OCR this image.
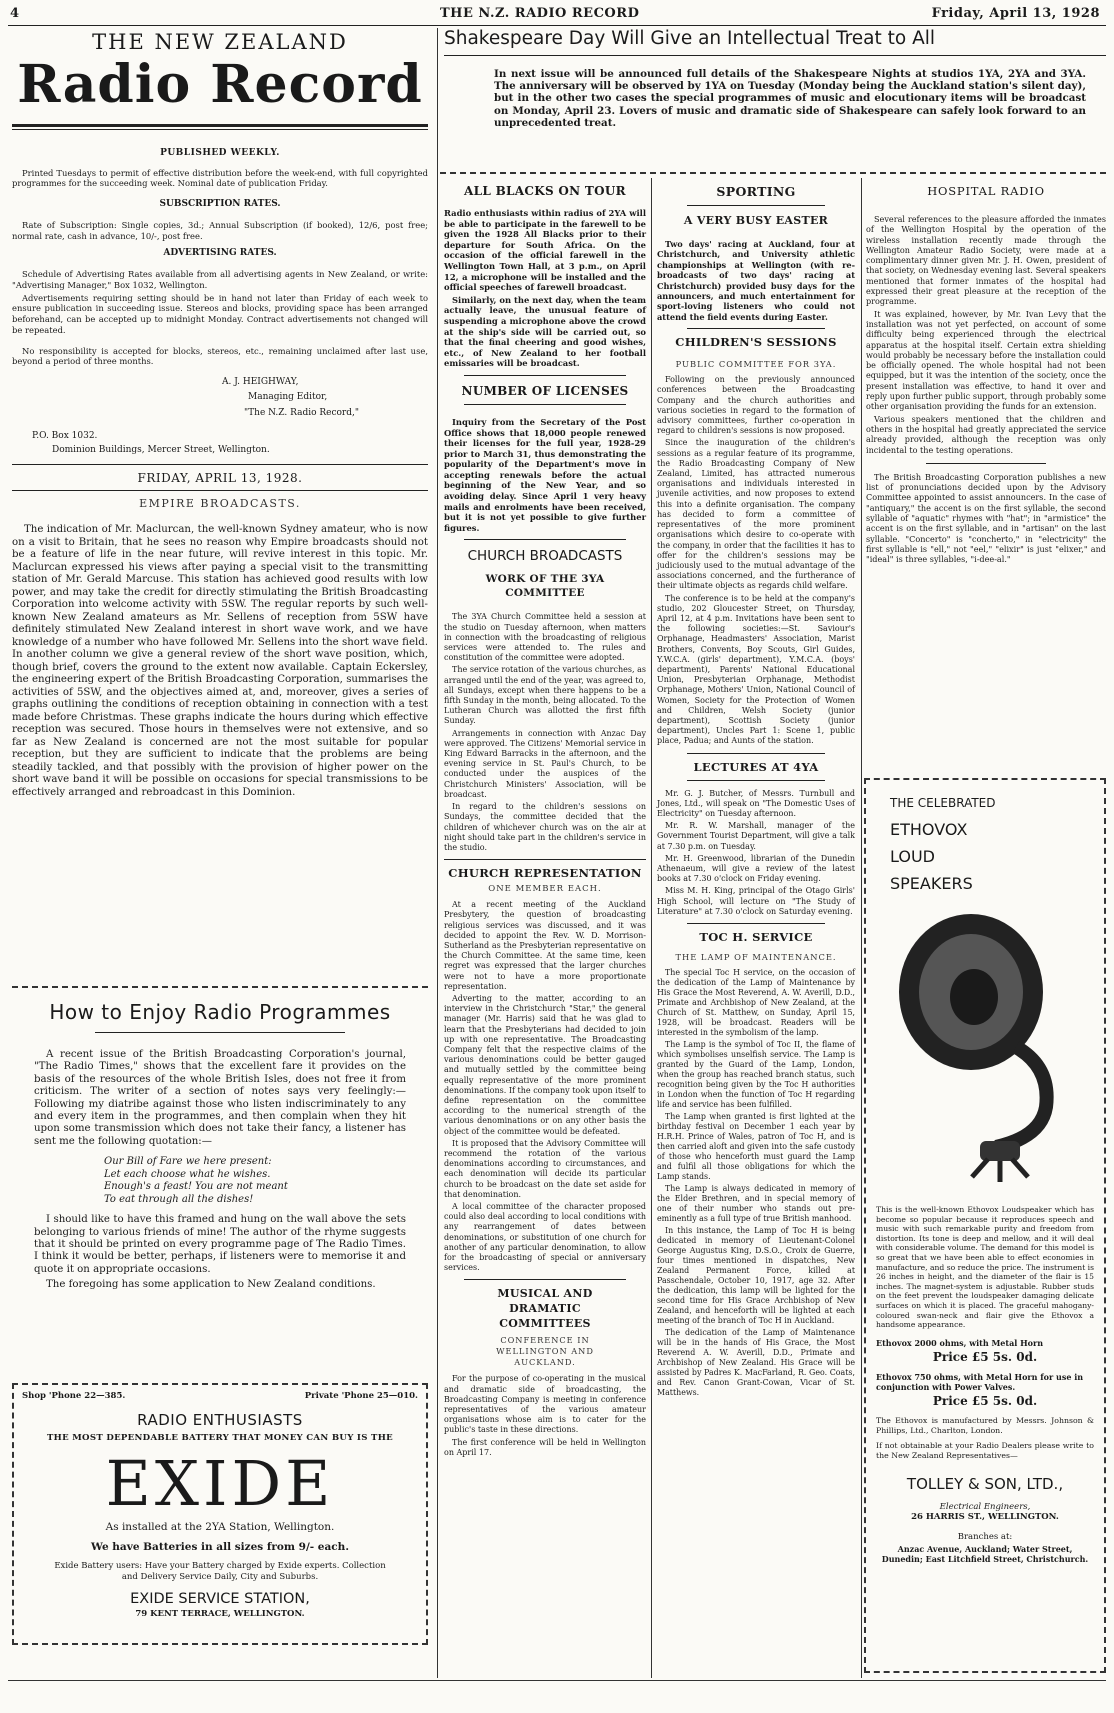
4	THE N.Z. RADIO RECORD	Friday, April 13, 1928
THE NEW ZEALAND
Radio Record
PUBLISHED WEEKLY.

Printed Tuesdays to permit of effective distribution before the week-end, with full copyrighted programmes for the succeeding week. Nominal date of publication Friday.

SUBSCRIPTION RATES.

Rate of Subscription: Single copies, 3d.; Annual Subscription (if booked), 12/6, post free; normal rate, cash in advance, 10/-, post free.

ADVERTISING RATES.

Schedule of Advertising Rates available from all advertising agents in New Zealand, or write: "Advertising Manager," Box 1032, Wellington.

Advertisements requiring setting should be in hand not later than Friday of each week to ensure publication in succeeding issue. Stereos and blocks, providing space has been arranged beforehand, can be accepted up to midnight Monday. Contract advertisements not changed will be repeated.

No responsibility is accepted for blocks, stereos, etc., remaining unclaimed after last use, beyond a period of three months.

A. J. HEIGHWAY,
Managing Editor,
"The N.Z. Radio Record,"
P.O. Box 1032.
Dominion Buildings, Mercer Street, Wellington.
FRIDAY, APRIL 13, 1928.
EMPIRE BROADCASTS.

The indication of Mr. Maclurcan, the well-known Sydney amateur, who is now on a visit to Britain, that he sees no reason why Empire broadcasts should not be a feature of life in the near future, will revive interest in this topic. Mr. Maclurcan expressed his views after paying a special visit to the transmitting station of Mr. Gerald Marcuse. This station has achieved good results with low power, and may take the credit for directly stimulating the British Broadcasting Corporation into welcome activity with 5SW. The regular reports by such well-known New Zealand amateurs as Mr. Sellens of reception from 5SW have definitely stimulated New Zealand interest in short wave work, and we have knowledge of a number who have followed Mr. Sellens into the short wave field. In another column we give a general review of the short wave position, which, though brief, covers the ground to the extent now available. Captain Eckersley, the engineering expert of the British Broadcasting Corporation, summarises the activities of 5SW, and the objectives aimed at, and, moreover, gives a series of graphs outlining the conditions of reception obtaining in connection with a test made before Christmas. These graphs indicate the hours during which effective reception was secured. Those hours in themselves were not extensive, and so far as New Zealand is concerned are not the most suitable for popular reception, but they are sufficient to indicate that the problems are being steadily tackled, and that possibly with the provision of higher power on the short wave band it will be possible on occasions for special transmissions to be effectively arranged and rebroadcast in this Dominion.

How to Enjoy Radio Programmes

A recent issue of the British Broadcasting Corporation's journal, "The Radio Times," shows that the excellent fare it provides on the basis of the resources of the whole British Isles, does not free it from criticism. The writer of a section of notes says very feelingly:—Following my diatribe against those who listen indiscriminately to any and every item in the programmes, and then complain when they hit upon some transmission which does not take their fancy, a listener has sent me the following quotation:—

Our Bill of Fare we here present:
Let each choose what he wishes.
Enough's a feast! You are not meant
To eat through all the dishes!

I should like to have this framed and hung on the wall above the sets belonging to various friends of mine! The author of the rhyme suggests that it should be printed on every programme page of The Radio Times. I think it would be better, perhaps, if listeners were to memorise it and quote it on appropriate occasions.

The foregoing has some application to New Zealand conditions.

Shop 'Phone 22—385.	Private 'Phone 25—010.
RADIO ENTHUSIASTS
THE MOST DEPENDABLE BATTERY THAT MONEY CAN BUY IS THE
EXIDE
As installed at the 2YA Station, Wellington.
We have Batteries in all sizes from 9/- each.
Exide Battery users: Have your Battery charged by Exide experts. Collection and Delivery Service Daily, City and Suburbs.
EXIDE SERVICE STATION,
79 KENT TERRACE, WELLINGTON.
Shakespeare Day Will Give an Intellectual Treat to All

In next issue will be announced full details of the Shakespeare Nights at studios 1YA, 2YA and 3YA. The anniversary will be observed by 1YA on Tuesday (Monday being the Auckland station's silent day), but in the other two cases the special programmes of music and elocutionary items will be broadcast on Monday, April 23. Lovers of music and dramatic side of Shakespeare can safely look forward to an unprecedented treat.

ALL BLACKS ON TOUR

Radio enthusiasts within radius of 2YA will be able to participate in the farewell to be given the 1928 All Blacks prior to their departure for South Africa. On the occasion of the official farewell in the Wellington Town Hall, at 3 p.m., on April 12, a microphone will be installed and the official speeches of farewell broadcast.

Similarly, on the next day, when the team actually leave, the unusual feature of suspending a microphone above the crowd at the ship's side will be carried out, so that the final cheering and good wishes, etc., of New Zealand to her football emissaries will be broadcast.

NUMBER OF LICENSES

Inquiry from the Secretary of the Post Office shows that 18,000 people renewed their licenses for the full year, 1928-29 prior to March 31, thus demonstrating the popularity of the Department's move in accepting renewals before the actual beginning of the New Year, and so avoiding delay. Since April 1 very heavy mails and enrolments have been received, but it is not yet possible to give further figures.

CHURCH BROADCASTS
WORK OF THE 3YA COMMITTEE

The 3YA Church Committee held a session at the studio on Tuesday afternoon, when matters in connection with the broadcasting of religious services were attended to. The rules and constitution of the committee were adopted.

The service rotation of the various churches, as arranged until the end of the year, was agreed to, all Sundays, except when there happens to be a fifth Sunday in the month, being allocated. To the Lutheran Church was allotted the first fifth Sunday.

Arrangements in connection with Anzac Day were approved. The Citizens' Memorial service in King Edward Barracks in the afternoon, and the evening service in St. Paul's Church, to be conducted under the auspices of the Christchurch Ministers' Association, will be broadcast.

In regard to the children's sessions on Sundays, the committee decided that the children of whichever church was on the air at night should take part in the children's service in the studio.

CHURCH REPRESENTATION
ONE MEMBER EACH.

At a recent meeting of the Auckland Presbytery, the question of broadcasting religious services was discussed, and it was decided to appoint the Rev. W. D. Morrison-Sutherland as the Presbyterian representative on the Church Committee. At the same time, keen regret was expressed that the larger churches were not to have a more proportionate representation.

Adverting to the matter, according to an interview in the Christchurch "Star," the general manager (Mr. Harris) said that he was glad to learn that the Presbyterians had decided to join up with one representative. The Broadcasting Company felt that the respective claims of the various denominations could be better gauged and mutually settled by the committee being equally representative of the more prominent denominations. If the company took upon itself to define representation on the committee according to the numerical strength of the various denominations or on any other basis the object of the committee would be defeated.

It is proposed that the Advisory Committee will recommend the rotation of the various denominations according to circumstances, and each denomination will decide its particular church to be broadcast on the date set aside for that denomination.

A local committee of the character proposed could also deal according to local conditions with any rearrangement of dates between denominations, or substitution of one church for another of any particular denomination, to allow for the broadcasting of special or anniversary services.

MUSICAL AND DRAMATIC COMMITTEES
CONFERENCE IN WELLINGTON AND AUCKLAND.

For the purpose of co-operating in the musical and dramatic side of broadcasting, the Broadcasting Company is meeting in conference representatives of the various amateur organisations whose aim is to cater for the public's taste in these directions.

The first conference will be held in Wellington on April 17.

SPORTING
A VERY BUSY EASTER

Two days' racing at Auckland, four at Christchurch, and University athletic championships at Wellington (with re-broadcasts of two days' racing at Christchurch) provided busy days for the announcers, and much entertainment for sport-loving listeners who could not attend the field events during Easter.

CHILDREN'S SESSIONS
PUBLIC COMMITTEE FOR 3YA.

Following on the previously announced conferences between the Broadcasting Company and the church authorities and various societies in regard to the formation of advisory committees, further co-operation in regard to children's sessions is now proposed.

Since the inauguration of the children's sessions as a regular feature of its programme, the Radio Broadcasting Company of New Zealand, Limited, has attracted numerous organisations and individuals interested in juvenile activities, and now proposes to extend this into a definite organisation. The company has decided to form a committee of representatives of the more prominent organisations which desire to co-operate with the company, in order that the facilities it has to offer for the children's sessions may be judiciously used to the mutual advantage of the associations concerned, and the furtherance of their ultimate objects as regards child welfare.

The conference is to be held at the company's studio, 202 Gloucester Street, on Thursday, April 12, at 4 p.m. Invitations have been sent to the following societies:—St. Saviour's Orphanage, Headmasters' Association, Marist Brothers, Convents, Boy Scouts, Girl Guides, Y.W.C.A. (girls' department), Y.M.C.A. (boys' department), Parents' National Educational Union, Presbyterian Orphanage, Methodist Orphanage, Mothers' Union, National Council of Women, Society for the Protection of Women and Children, Welsh Society (junior department), Scottish Society (junior department), Uncles Part 1: Scene 1, public place, Padua; and Aunts of the station.

LECTURES AT 4YA

Mr. G. J. Butcher, of Messrs. Turnbull and Jones, Ltd., will speak on "The Domestic Uses of Electricity" on Tuesday afternoon.

Mr. R. W. Marshall, manager of the Government Tourist Department, will give a talk at 7.30 p.m. on Tuesday.

Mr. H. Greenwood, librarian of the Dunedin Athenaeum, will give a review of the latest books at 7.30 o'clock on Friday evening.

Miss M. H. King, principal of the Otago Girls' High School, will lecture on "The Study of Literature" at 7.30 o'clock on Saturday evening.

TOC H. SERVICE
THE LAMP OF MAINTENANCE.

The special Toc H service, on the occasion of the dedication of the Lamp of Maintenance by His Grace the Most Reverend, A. W. Averill, D.D., Primate and Archbishop of New Zealand, at the Church of St. Matthew, on Sunday, April 15, 1928, will be broadcast. Readers will be interested in the symbolism of the lamp.

The Lamp is the symbol of Toc II, the flame of which symbolises unselfish service. The Lamp is granted by the Guard of the Lamp, London, when the group has reached branch status, such recognition being given by the Toc H authorities in London when the function of Toc H regarding life and service has been fulfilled.

The Lamp when granted is first lighted at the birthday festival on December 1 each year by H.R.H. Prince of Wales, patron of Toc H, and is then carried aloft and given into the safe custody of those who henceforth must guard the Lamp and fulfil all those obligations for which the Lamp stands.

The Lamp is always dedicated in memory of the Elder Brethren, and in special memory of one of their number who stands out pre-eminently as a full type of true British manhood.

In this instance, the Lamp of Toc H is being dedicated in memory of Lieutenant-Colonel George Augustus King, D.S.O., Croix de Guerre, four times mentioned in dispatches, New Zealand Permanent Force, killed at Passchendale, October 10, 1917, age 32. After the dedication, this lamp will be lighted for the second time for His Grace Archbishop of New Zealand, and henceforth will be lighted at each meeting of the branch of Toc H in Auckland.

The dedication of the Lamp of Maintenance will be in the hands of His Grace, the Most Reverend A. W. Averill, D.D., Primate and Archbishop of New Zealand. His Grace will be assisted by Padres K. MacFarland, R. Geo. Coats, and Rev. Canon Grant-Cowan, Vicar of St. Matthews.

HOSPITAL RADIO

Several references to the pleasure afforded the inmates of the Wellington Hospital by the operation of the wireless installation recently made through the Wellington Amateur Radio Society, were made at a complimentary dinner given Mr. J. H. Owen, president of that society, on Wednesday evening last. Several speakers mentioned that former inmates of the hospital had expressed their great pleasure at the reception of the programme.

It was explained, however, by Mr. Ivan Levy that the installation was not yet perfected, on account of some difficulty being experienced through the electrical apparatus at the hospital itself. Certain extra shielding would probably be necessary before the installation could be officially opened. The whole hospital had not been equipped, but it was the intention of the society, once the present installation was effective, to hand it over and reply upon further public support, through probably some other organisation providing the funds for an extension.

Various speakers mentioned that the children and others in the hospital had greatly appreciated the service already provided, although the reception was only incidental to the testing operations.

The British Broadcasting Corporation publishes a new list of pronunciations decided upon by the Advisory Committee appointed to assist announcers. In the case of "antiquary," the accent is on the first syllable, the second syllable of "aquatic" rhymes with "hat"; in "armistice" the accent is on the first syllable, and in "artisan" on the last syllable. "Concerto" is "concherto," in "electricity" the first syllable is "ell," not "eel," "elixir" is just "elixer," and "ideal" is three syllables, "i-dee-al."

THE CELEBRATED
ETHOVOX
LOUD
SPEAKERS

This is the well-known Ethovox Loudspeaker which has become so popular because it reproduces speech and music with such remarkable purity and freedom from distortion. Its tone is deep and mellow, and it will deal with considerable volume. The demand for this model is so great that we have been able to effect economies in manufacture, and so reduce the price. The instrument is 26 inches in height, and the diameter of the flair is 15 inches. The magnet-system is adjustable. Rubber studs on the feet prevent the loudspeaker damaging delicate surfaces on which it is placed. The graceful mahogany-coloured swan-neck and flair give the Ethovox a handsome appearance.

Ethovox 2000 ohms, with Metal Horn
Price £5 5s. 0d.
Ethovox 750 ohms, with Metal Horn for use in conjunction with Power Valves.
Price £5 5s. 0d.

The Ethovox is manufactured by Messrs. Johnson & Phillips, Ltd., Charlton, London.

If not obtainable at your Radio Dealers please write to the New Zealand Representatives—

TOLLEY & SON, LTD.,
Electrical Engineers,
26 HARRIS ST., WELLINGTON.
Branches at:
Anzac Avenue, Auckland; Water Street, Dunedin; East Litchfield Street, Christchurch.
